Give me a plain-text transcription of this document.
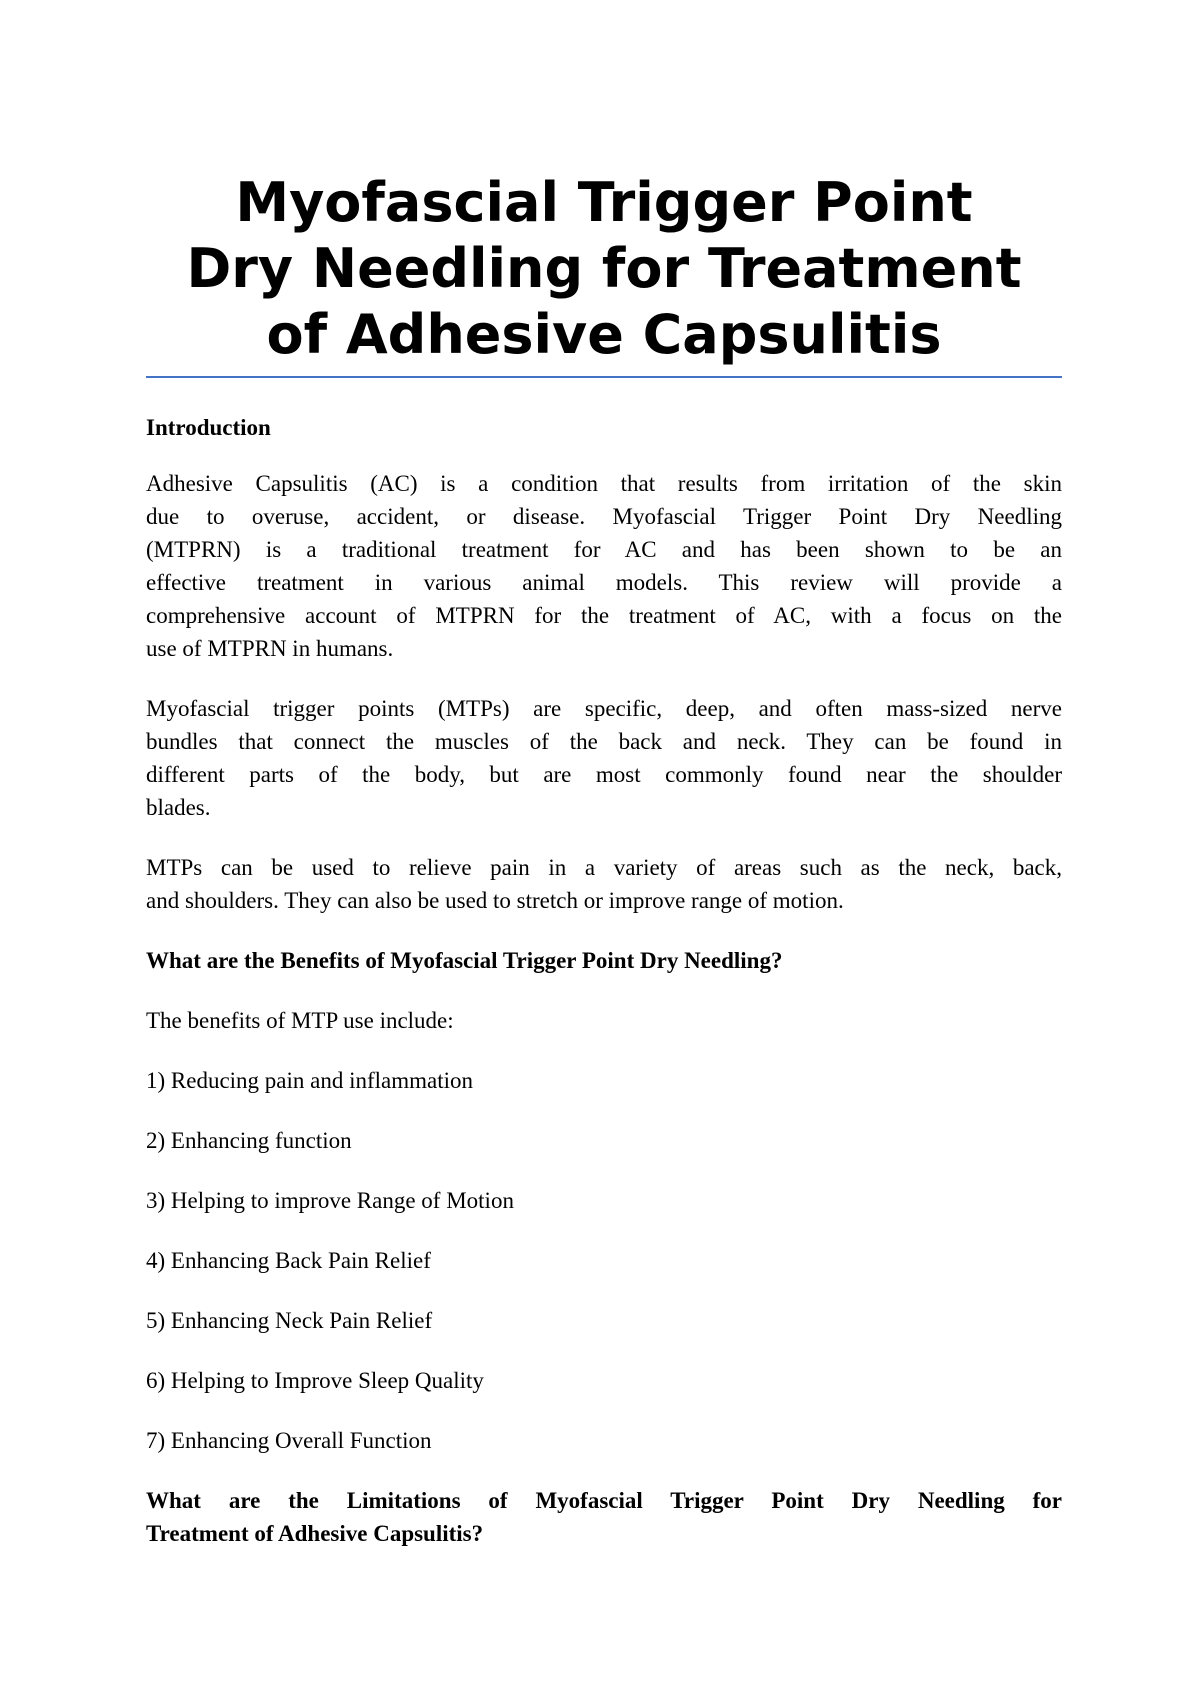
Myofascial Trigger Point
Dry Needling for Treatment
of Adhesive Capsulitis

Introduction

Adhesive Capsulitis (AC) is a condition that results from irritation of the skin
due to overuse, accident, or disease. Myofascial Trigger Point Dry Needling
(MTPRN) is a traditional treatment for AC and has been shown to be an
effective treatment in various animal models. This review will provide a
comprehensive account of MTPRN for the treatment of AC, with a focus on the
use of MTPRN in humans.

Myofascial trigger points (MTPs) are specific, deep, and often mass-sized nerve
bundles that connect the muscles of the back and neck. They can be found in
different parts of the body, but are most commonly found near the shoulder
blades.

MTPs can be used to relieve pain in a variety of areas such as the neck, back,
and shoulders. They can also be used to stretch or improve range of motion.

What are the Benefits of Myofascial Trigger Point Dry Needling?

The benefits of MTP use include:

1) Reducing pain and inflammation

2) Enhancing function

3) Helping to improve Range of Motion

4) Enhancing Back Pain Relief

5) Enhancing Neck Pain Relief

6) Helping to Improve Sleep Quality

7) Enhancing Overall Function

What are the Limitations of Myofascial Trigger Point Dry Needling for
Treatment of Adhesive Capsulitis?
